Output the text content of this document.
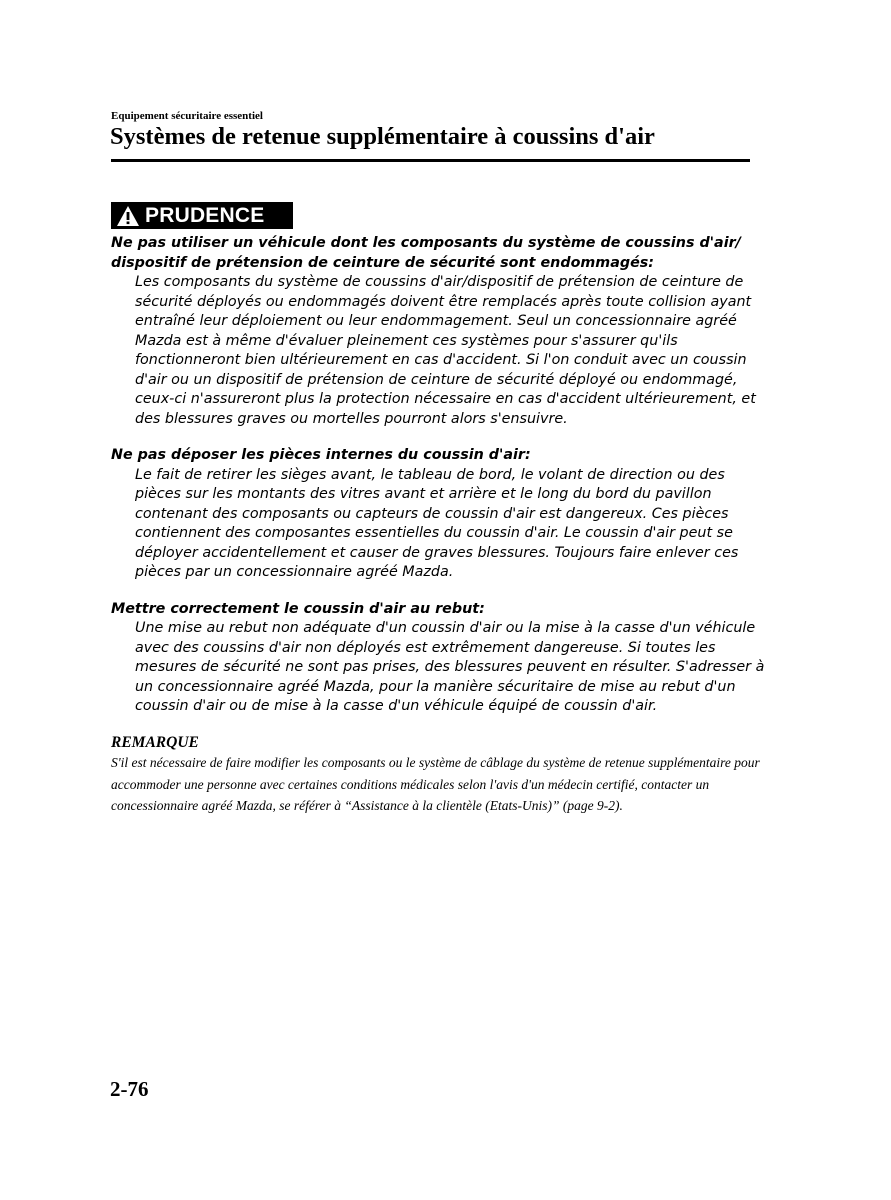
Equipement sécuritaire essentiel
Systèmes de retenue supplémentaire à coussins d'air
PRUDENCE

Ne pas utiliser un véhicule dont les composants du système de coussins d'air/ dispositif de prétension de ceinture de sécurité sont endommagés:

Les composants du système de coussins d'air/dispositif de prétension de ceinture de sécurité déployés ou endommagés doivent être remplacés après toute collision ayant entraîné leur déploiement ou leur endommagement. Seul un concessionnaire agréé Mazda est à même d'évaluer pleinement ces systèmes pour s'assurer qu'ils fonctionneront bien ultérieurement en cas d'accident. Si l'on conduit avec un coussin d'air ou un dispositif de prétension de ceinture de sécurité déployé ou endommagé, ceux-ci n'assureront plus la protection nécessaire en cas d'accident ultérieurement, et des blessures graves ou mortelles pourront alors s'ensuivre.

Ne pas déposer les pièces internes du coussin d'air:

Le fait de retirer les sièges avant, le tableau de bord, le volant de direction ou des pièces sur les montants des vitres avant et arrière et le long du bord du pavillon contenant des composants ou capteurs de coussin d'air est dangereux. Ces pièces contiennent des composantes essentielles du coussin d'air. Le coussin d'air peut se déployer accidentellement et causer de graves blessures. Toujours faire enlever ces pièces par un concessionnaire agréé Mazda.

Mettre correctement le coussin d'air au rebut:

Une mise au rebut non adéquate d'un coussin d'air ou la mise à la casse d'un véhicule avec des coussins d'air non déployés est extrêmement dangereuse. Si toutes les mesures de sécurité ne sont pas prises, des blessures peuvent en résulter. S'adresser à un concessionnaire agréé Mazda, pour la manière sécuritaire de mise au rebut d'un coussin d'air ou de mise à la casse d'un véhicule équipé de coussin d'air.

REMARQUE

S'il est nécessaire de faire modifier les composants ou le système de câblage du système de retenue supplémentaire pour accommoder une personne avec certaines conditions médicales selon l'avis d'un médecin certifié, contacter un concessionnaire agréé Mazda, se référer à “Assistance à la clientèle (Etats-Unis)” (page 9-2).

2-76
